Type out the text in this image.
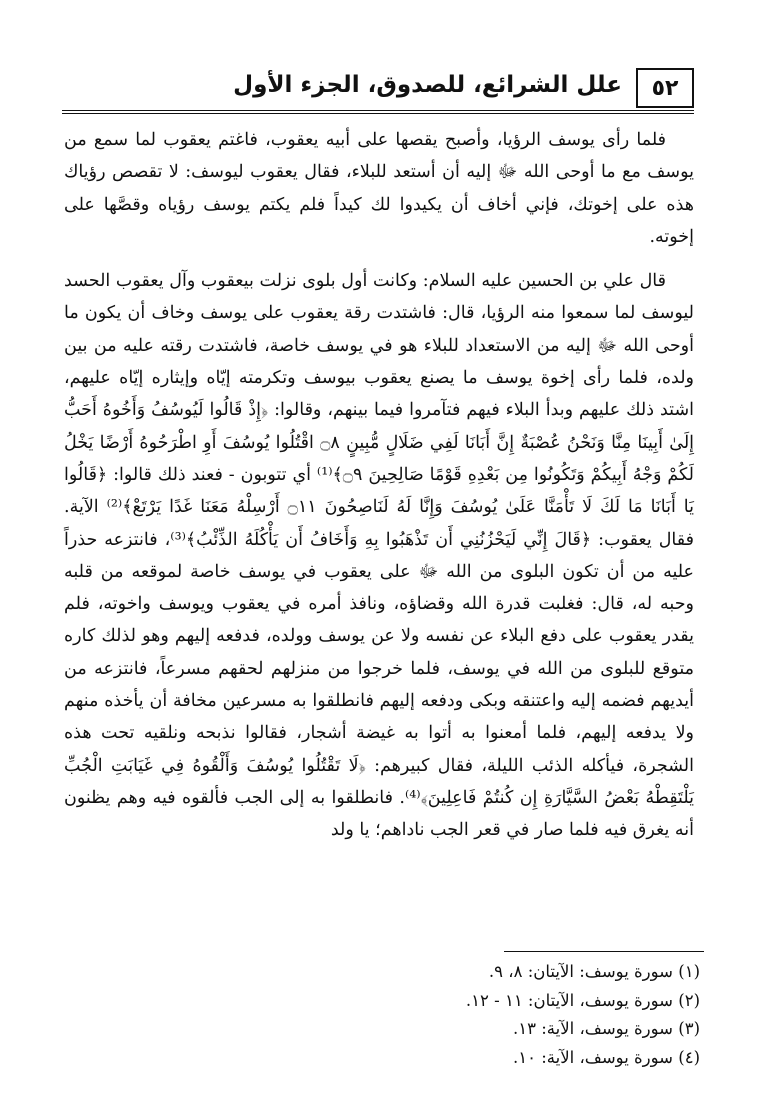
٥٢
علل الشرائع، للصدوق، الجزء الأول

فلما رأى يوسف الرؤيا، وأصبح يقصها على أبيه يعقوب، فاغتم يعقوب لما سمع من يوسف مع ما أوحى الله ﷻ إليه أن أستعد للبلاء، فقال يعقوب ليوسف: لا تقصص رؤياك هذه على إخوتك، فإني أخاف أن يكيدوا لك كيداً فلم يكتم يوسف رؤياه وقصَّها على إخوته.

قال علي بن الحسين عليه السلام: وكانت أول بلوى نزلت بيعقوب وآل يعقوب الحسد ليوسف لما سمعوا منه الرؤيا، قال: فاشتدت رقة يعقوب على يوسف وخاف أن يكون ما أوحى الله ﷻ إليه من الاستعداد للبلاء هو في يوسف خاصة، فاشتدت رقته عليه من بين ولده، فلما رأى إخوة يوسف ما يصنع يعقوب بيوسف وتكرمته إيّاه وإيثاره إيّاه عليهم، اشتد ذلك عليهم وبدأ البلاء فيهم فتآمروا فيما بينهم، وقالوا: ﴿إِذْ قَالُوا لَيُوسُفُ وَأَخُوهُ أَحَبُّ إِلَىٰ أَبِينَا مِنَّا وَنَحْنُ عُصْبَةٌ إِنَّ أَبَانَا لَفِي ضَلَالٍ مُّبِينٍ ۝٨ اقْتُلُوا يُوسُفَ أَوِ اطْرَحُوهُ أَرْضًا يَخْلُ لَكُمْ وَجْهُ أَبِيكُمْ وَتَكُونُوا مِن بَعْدِهِ قَوْمًا صَالِحِينَ ۝٩﴾⁽¹⁾ أي تتوبون - فعند ذلك قالوا: ﴿قَالُوا يَا أَبَانَا مَا لَكَ لَا تَأْمَنَّا عَلَىٰ يُوسُفَ وَإِنَّا لَهُ لَنَاصِحُونَ ۝١١ أَرْسِلْهُ مَعَنَا غَدًا يَرْتَعْ﴾⁽²⁾ الآية. فقال يعقوب: ﴿قَالَ إِنِّي لَيَحْزُنُنِي أَن تَذْهَبُوا بِهِ وَأَخَافُ أَن يَأْكُلَهُ الذِّئْبُ﴾⁽³⁾، فانتزعه حذراً عليه من أن تكون البلوى من الله ﷻ على يعقوب في يوسف خاصة لموقعه من قلبه وحبه له، قال: فغلبت قدرة الله وقضاؤه، ونافذ أمره في يعقوب ويوسف واخوته، فلم يقدر يعقوب على دفع البلاء عن نفسه ولا عن يوسف وولده، فدفعه إليهم وهو لذلك كاره متوقع للبلوى من الله في يوسف، فلما خرجوا من منزلهم لحقهم مسرعاً، فانتزعه من أيديهم فضمه إليه واعتنقه وبكى ودفعه إليهم فانطلقوا به مسرعين مخافة أن يأخذه منهم ولا يدفعه إليهم، فلما أمعنوا به أتوا به غيضة أشجار، فقالوا نذبحه ونلقيه تحت هذه الشجرة، فيأكله الذئب الليلة، فقال كبيرهم: ﴿لَا تَقْتُلُوا يُوسُفَ وَأَلْقُوهُ فِي غَيَابَتِ الْجُبِّ يَلْتَقِطْهُ بَعْضُ السَّيَّارَةِ إِن كُنتُمْ فَاعِلِينَ﴾⁽⁴⁾. فانطلقوا به إلى الجب فألقوه فيه وهم يظنون أنه يغرق فيه فلما صار في قعر الجب ناداهم؛ يا ولد

(١) سورة يوسف: الآيتان: ٨، ٩.
(٢) سورة يوسف، الآيتان: ١١ - ١٢.
(٣) سورة يوسف، الآية: ١٣.
(٤) سورة يوسف، الآية: ١٠.
